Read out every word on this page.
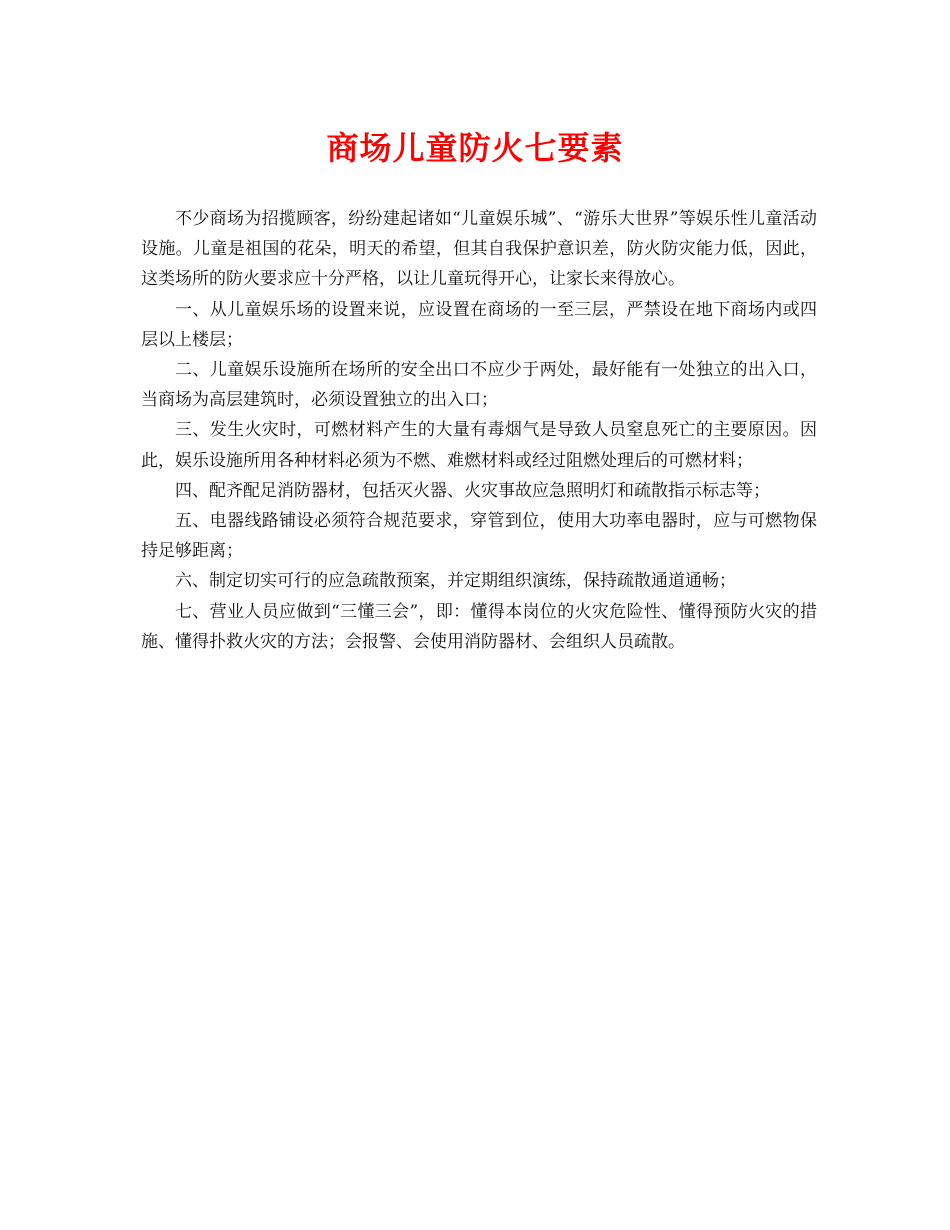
商场儿童防火七要素

不少商场为招揽顾客，纷纷建起诸如“儿童娱乐城”、“游乐大世界”等娱乐性儿童活动设施。儿童是祖国的花朵，明天的希望，但其自我保护意识差，防火防灾能力低，因此，这类场所的防火要求应十分严格，以让儿童玩得开心，让家长来得放心。

一、从儿童娱乐场的设置来说，应设置在商场的一至三层，严禁设在地下商场内或四层以上楼层；

二、儿童娱乐设施所在场所的安全出口不应少于两处，最好能有一处独立的出入口，当商场为高层建筑时，必须设置独立的出入口；

三、发生火灾时，可燃材料产生的大量有毒烟气是导致人员窒息死亡的主要原因。因此，娱乐设施所用各种材料必须为不燃、难燃材料或经过阻燃处理后的可燃材料；

四、配齐配足消防器材，包括灭火器、火灾事故应急照明灯和疏散指示标志等；

五、电器线路铺设必须符合规范要求，穿管到位，使用大功率电器时，应与可燃物保持足够距离；

六、制定切实可行的应急疏散预案，并定期组织演练，保持疏散通道通畅；

七、营业人员应做到“三懂三会”，即：懂得本岗位的火灾危险性、懂得预防火灾的措施、懂得扑救火灾的方法；会报警、会使用消防器材、会组织人员疏散。
